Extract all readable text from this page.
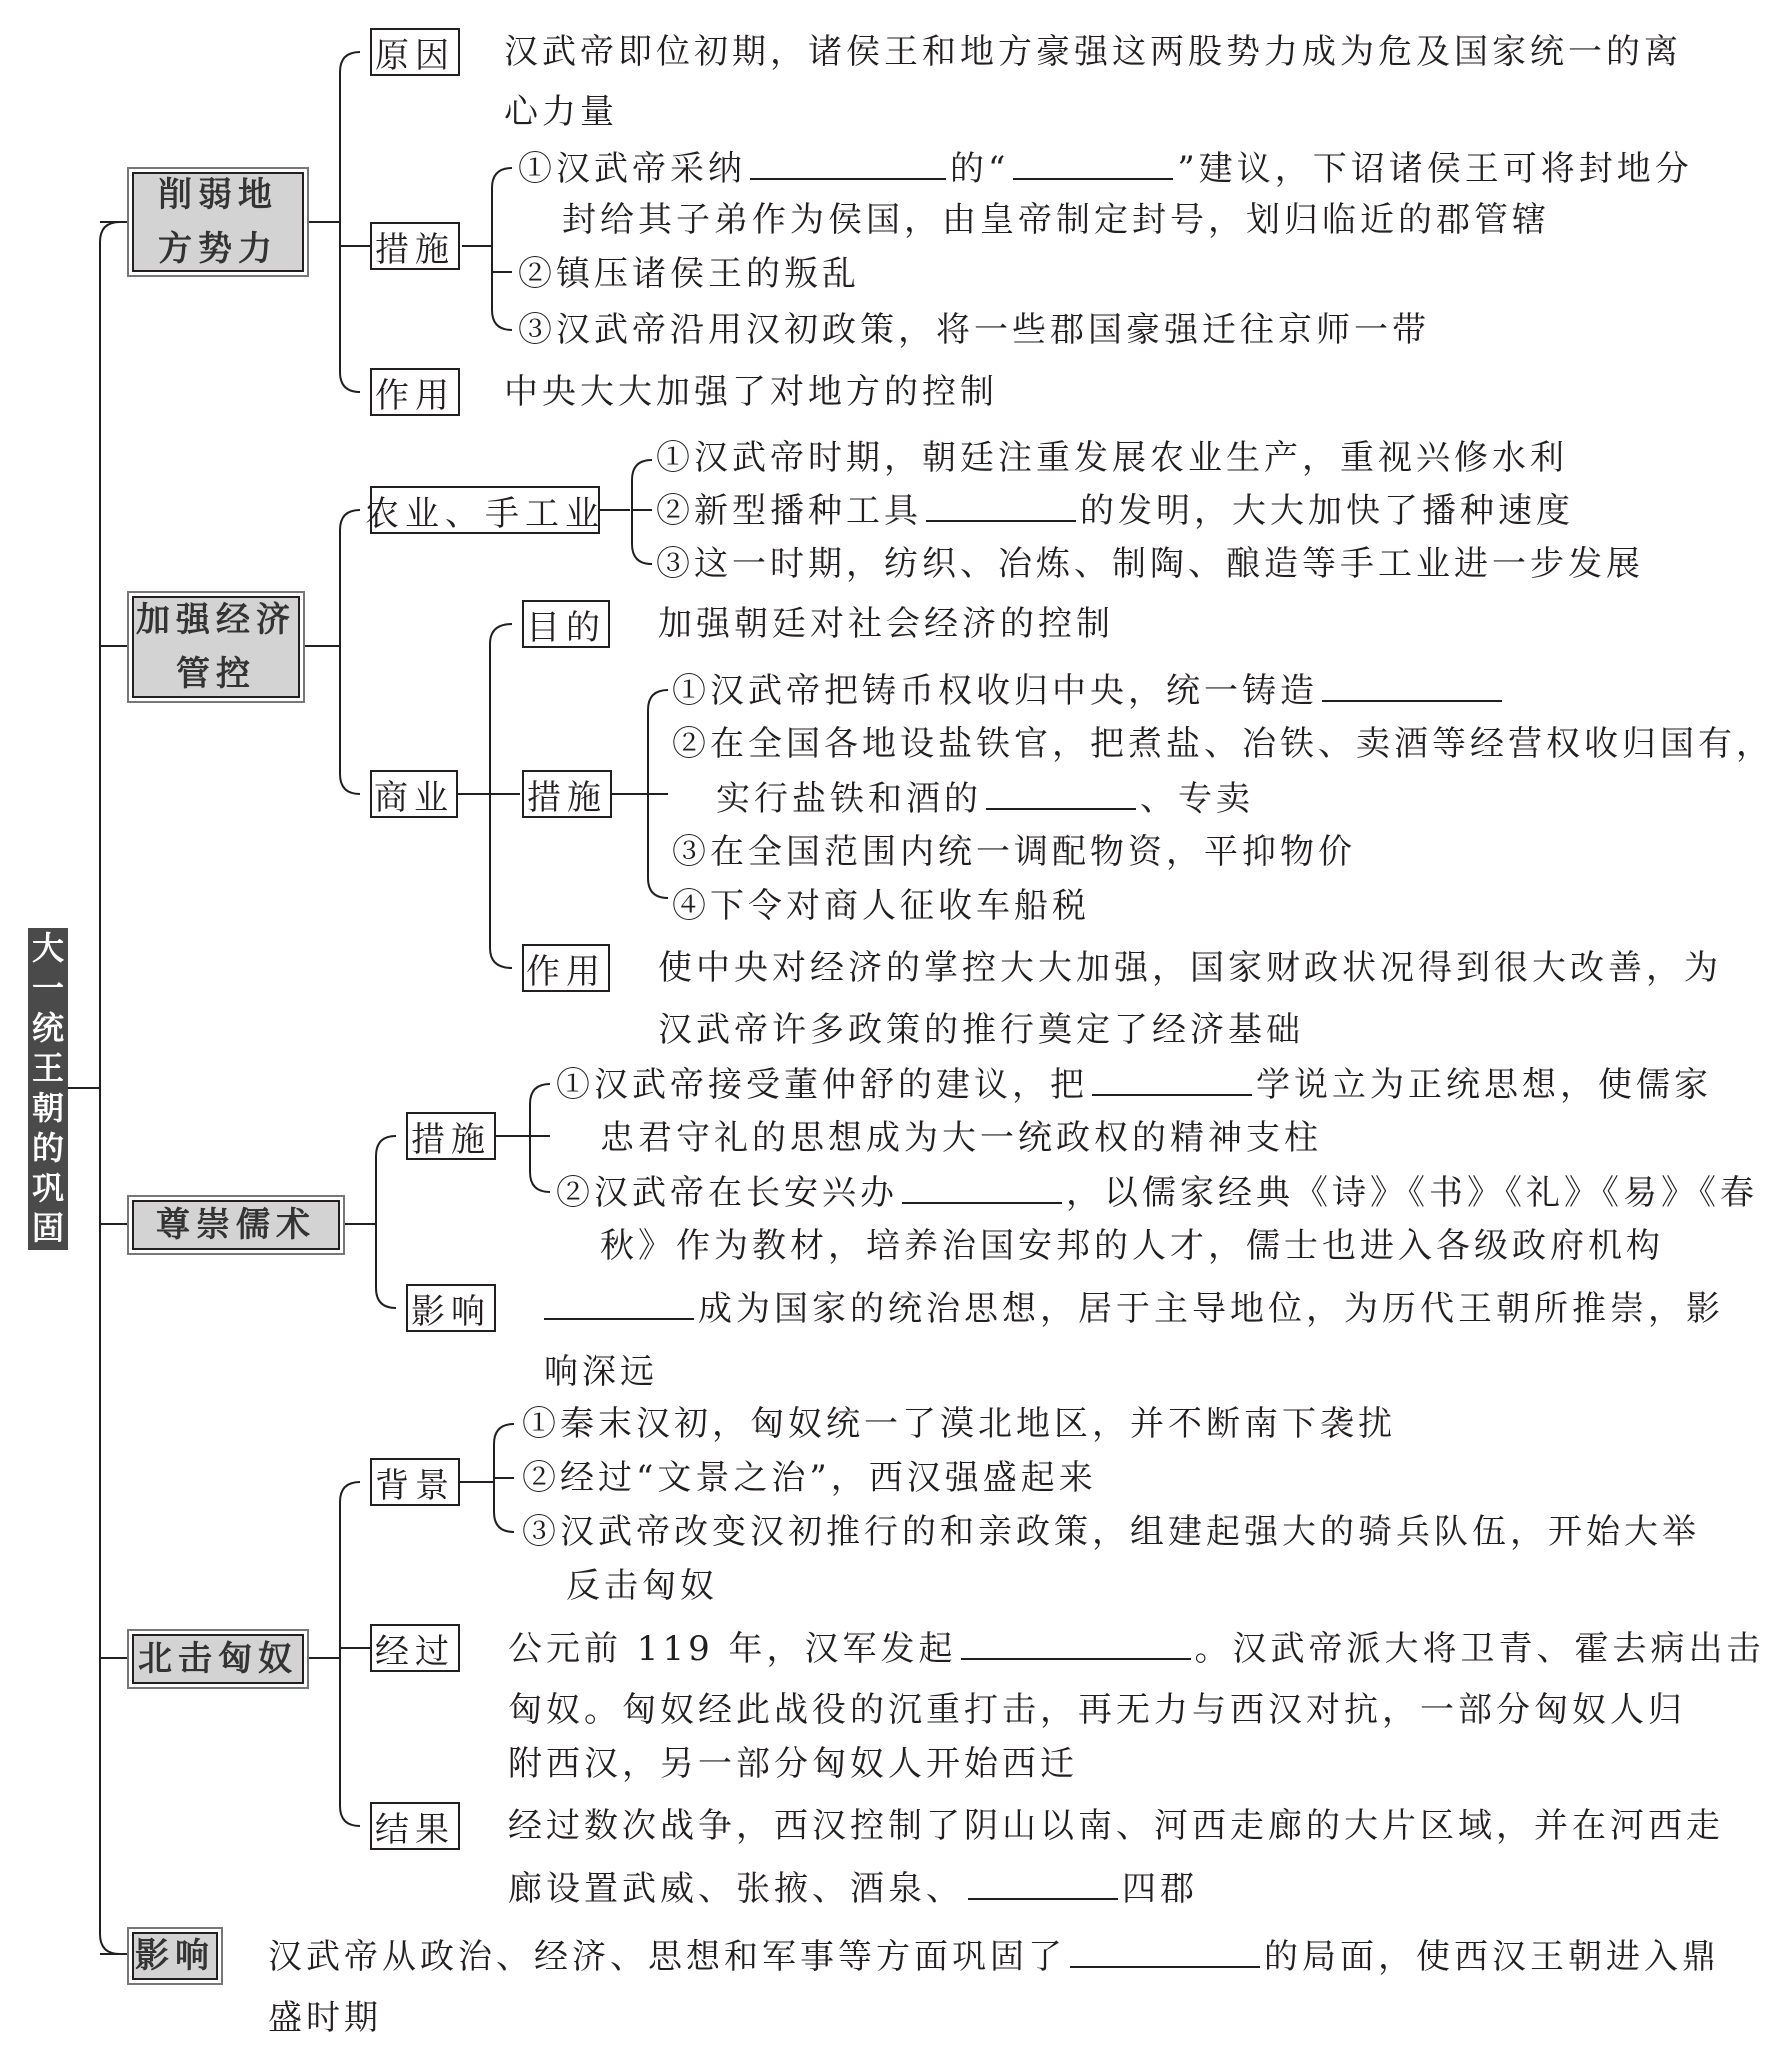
大一统王朝的巩固
削弱地
方势力
原因 汉武帝即位初期，诸侯王和地方豪强这两股势力成为危及国家统一的离
心力量
措施
①汉武帝采纳	的“	”建议，下诏诸侯王可将封地分
封给其子弟作为侯国，由皇帝制定封号，划归临近的郡管辖
②镇压诸侯王的叛乱
③汉武帝沿用汉初政策，将一些郡国豪强迁往京师一带
作用 中央大大加强了对地方的控制
加强经济
管控
农业、手工业
①汉武帝时期，朝廷注重发展农业生产，重视兴修水利
②新型播种工具	的发明，大大加快了播种速度
③这一时期，纺织、冶炼、制陶、酿造等手工业进一步发展
商业
目的 加强朝廷对社会经济的控制
措施
①汉武帝把铸币权收归中央，统一铸造
②在全国各地设盐铁官，把煮盐、冶铁、卖酒等经营权收归国有，
实行盐铁和酒的	、专卖
③在全国范围内统一调配物资，平抑物价
④下令对商人征收车船税
作用 使中央对经济的掌控大大加强，国家财政状况得到很大改善，为
汉武帝许多政策的推行奠定了经济基础
尊崇儒术
措施
①汉武帝接受董仲舒的建议，把	学说立为正统思想，使儒家
忠君守礼的思想成为大一统政权的精神支柱
②汉武帝在长安兴办	，以儒家经典《诗》《书》《礼》《易》《春
秋》作为教材，培养治国安邦的人才，儒士也进入各级政府机构
影响	成为国家的统治思想，居于主导地位，为历代王朝所推崇，影
响深远
北击匈奴
背景
①秦末汉初，匈奴统一了漠北地区，并不断南下袭扰
②经过“文景之治”，西汉强盛起来
③汉武帝改变汉初推行的和亲政策，组建起强大的骑兵队伍，开始大举
反击匈奴
经过 公元前 119 年，汉军发起	。汉武帝派大将卫青、霍去病出击
匈奴。匈奴经此战役的沉重打击，再无力与西汉对抗，一部分匈奴人归
附西汉，另一部分匈奴人开始西迁
结果 经过数次战争，西汉控制了阴山以南、河西走廊的大片区域，并在河西走
廊设置武威、张掖、酒泉、	四郡
影响 汉武帝从政治、经济、思想和军事等方面巩固了	的局面，使西汉王朝进入鼎
盛时期
